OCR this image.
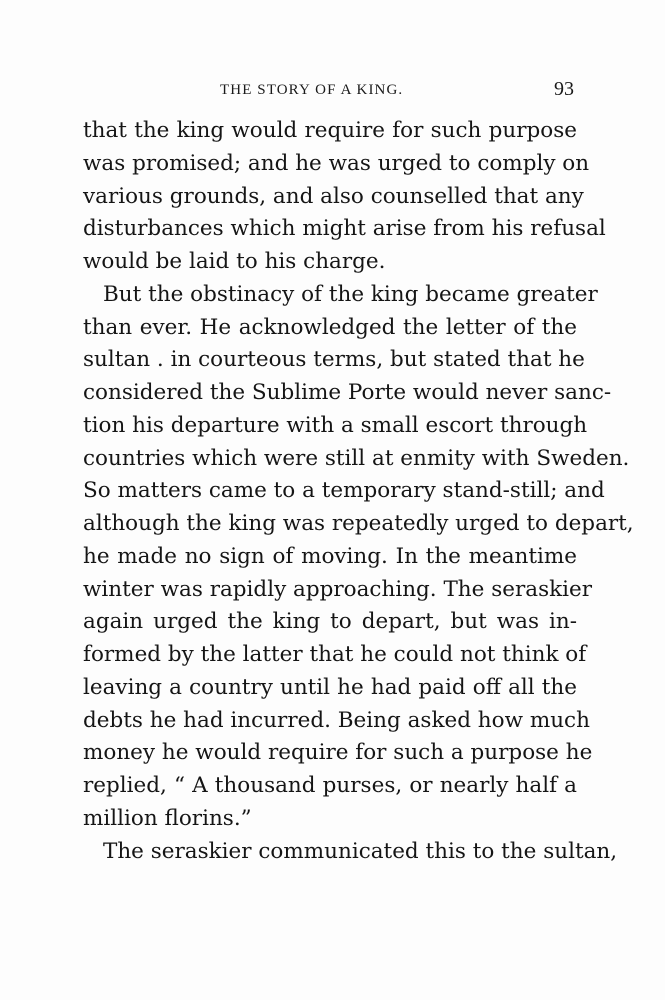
THE STORY OF A KING.	93
that the king would require for such purpose
was promised; and he was urged to comply on
various grounds, and also counselled that any
disturbances which might arise from his refusal
would be laid to his charge.
But the obstinacy of the king became greater
than ever. He acknowledged the letter of the
sultan . in courteous terms, but stated that he
considered the Sublime Porte would never sanc-
tion his departure with a small escort through
countries which were still at enmity with Sweden.
So matters came to a temporary stand-still; and
although the king was repeatedly urged to depart,
he made no sign of moving. In the meantime
winter was rapidly approaching. The seraskier
again urged the king to depart, but was in-
formed by the latter that he could not think of
leaving a country until he had paid off all the
debts he had incurred. Being asked how much
money he would require for such a purpose he
replied, “ A thousand purses, or nearly half a
million florins.”
The seraskier communicated this to the sultan,
